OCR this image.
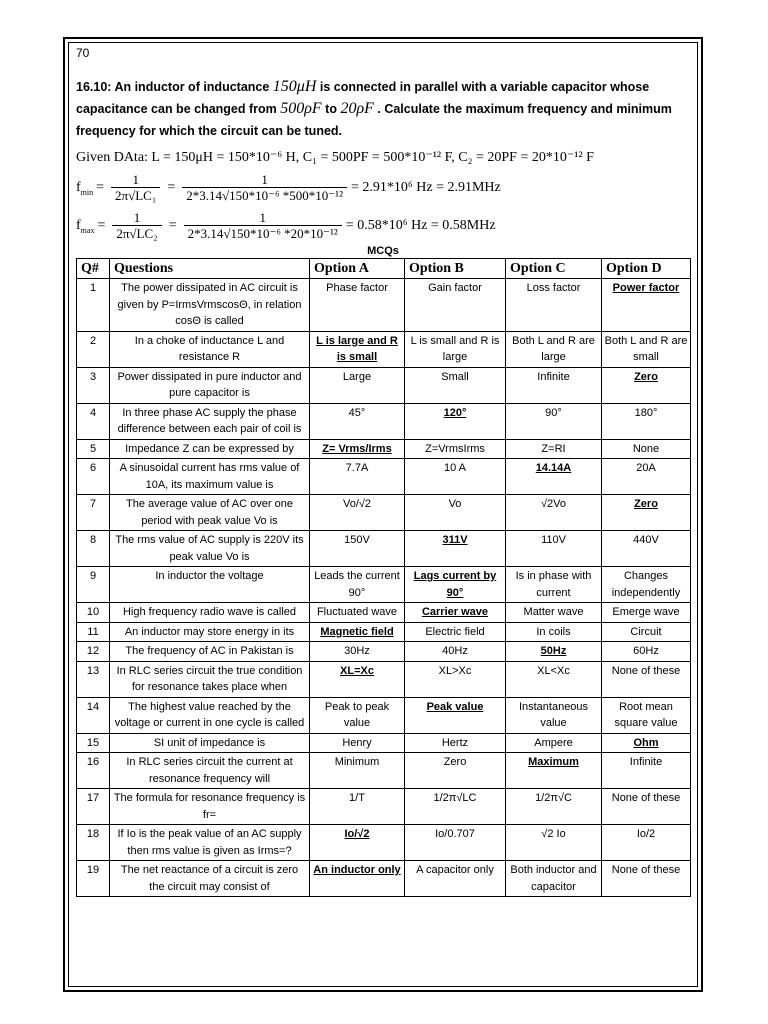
70
16.10: An inductor of inductance 150μH is connected in parallel with a variable capacitor whose capacitance can be changed from 500ρF to 20ρF . Calculate the maximum frequency and minimum frequency for which the circuit can be tuned.
Given DAta: L = 150μH = 150*10⁻⁶ H, C₁ = 500PF = 500*10⁻¹² F, C₂ = 20PF = 20*10⁻¹² F
$f_{min} = \frac{1}{\text{2π√LC₁}} = \frac{1}{\text{2*3.14√150*10⁻⁶ *500*10⁻¹²}} = 2.91*10^6$ Hz = 2.91MHz
$f_{max} = \frac{1}{\text{2π√LC₂}} = \frac{1}{\text{2*3.14√150*10⁻⁶ *20*10⁻¹²}} = 0.58*10^6$ Hz = 0.58MHz
MCQs
Q#	Questions	Option A	Option B	Option C	Option D
1	The power dissipated in AC circuit is given by P=IrmsVrmscosΘ, in relation cosΘ is called	Phase factor	Gain factor	Loss factor	Power factor
2	In a choke of inductance L and resistance R	L is large and R is small	L is small and R is large	Both L and R are large	Both L and R are small
3	Power dissipated in pure inductor and pure capacitor is	Large	Small	Infinite	Zero
4	In three phase AC supply the phase difference between each pair of coil is	45°	120°	90°	180°
5	Impedance Z can be expressed by	Z= Vrms/Irms	Z=VrmsIrms	Z=RI	None
6	A sinusoidal current has rms value of 10A, its maximum value is	7.7A	10 A	14.14A	20A
7	The average value of AC over one period with peak value Vo is	Vo/√2	Vo	√2Vo	Zero
8	The rms value of AC supply is 220V its peak value Vo is	150V	311V	110V	440V
9	In inductor the voltage	Leads the current 90°	Lags current by 90°	Is in phase with current	Changes independently
10	High frequency radio wave is called	Fluctuated wave	Carrier wave	Matter wave	Emerge wave
11	An inductor may store energy in its	Magnetic field	Electric field	In coils	Circuit
12	The frequency of AC in Pakistan is	30Hz	40Hz	50Hz	60Hz
13	In RLC series circuit the true condition for resonance takes place when	XL=Xc	XL>Xc	XL<Xc	None of these
14	The highest value reached by the voltage or current in one cycle is called	Peak to peak value	Peak value	Instantaneous value	Root mean square value
15	SI unit of impedance is	Henry	Hertz	Ampere	Ohm
16	In RLC series circuit the current at resonance frequency will	Minimum	Zero	Maximum	Infinite
17	The formula for resonance frequency is fr=	1/T	1/2π√LC	1/2π√C	None of these
18	If Io is the peak value of an AC supply then rms value is given as Irms=?	Io/√2	Io/0.707	√2 Io	Io/2
19	The net reactance of a circuit is zero the circuit may consist of	An inductor only	A capacitor only	Both inductor and capacitor	None of these
